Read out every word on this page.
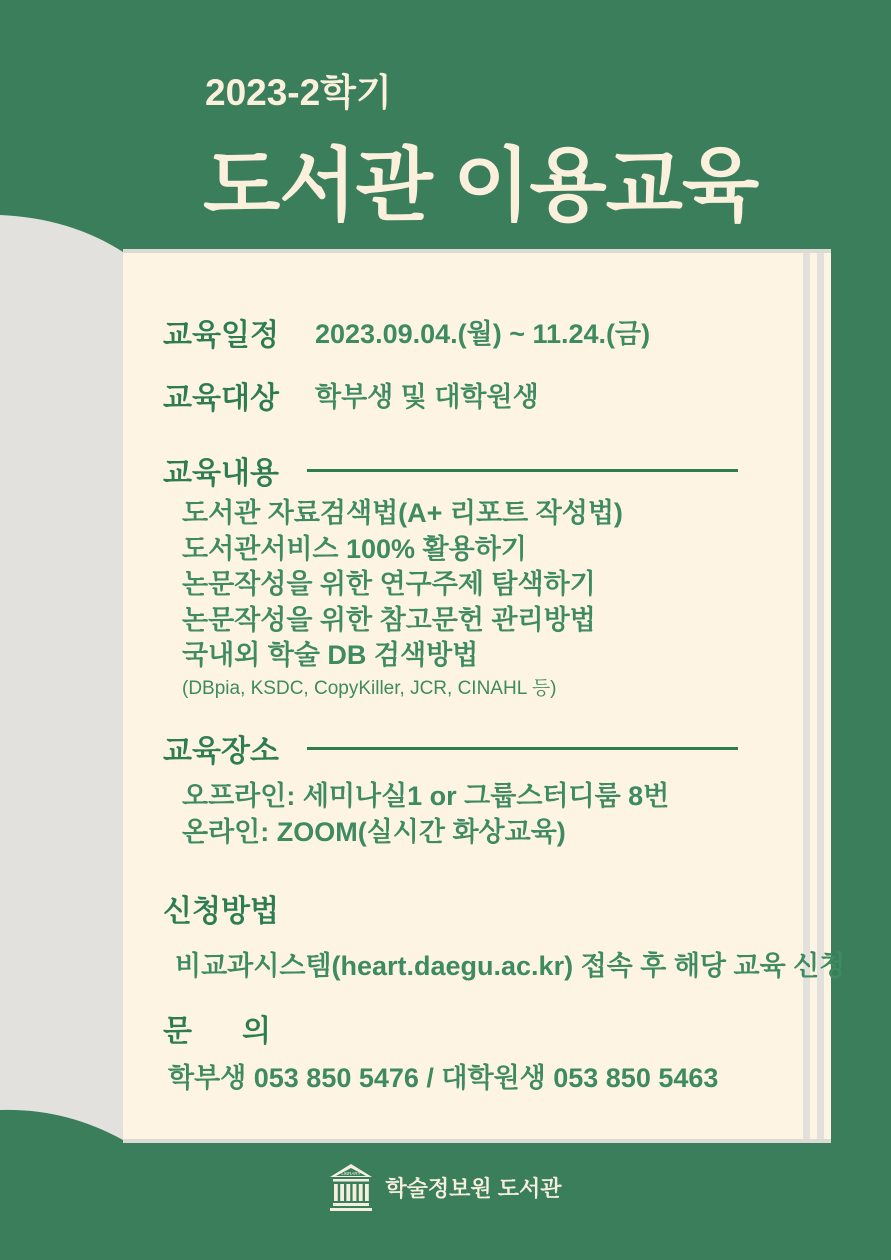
2023-2학기
도서관 이용교육
교육일정 2023.09.04.(월) ~ 11.24.(금)
교육대상 학부생 및 대학원생
교육내용
도서관 자료검색법(A+ 리포트 작성법)
도서관서비스 100% 활용하기
논문작성을 위한 연구주제 탐색하기
논문작성을 위한 참고문헌 관리방법
국내외 학술 DB 검색방법
(DBpia, KSDC, CopyKiller, JCR, CINAHL 등)
교육장소
오프라인: 세미나실1 or 그룹스터디룸 8번
온라인: ZOOM(실시간 화상교육)
신청방법
비교과시스템(heart.daegu.ac.kr) 접속 후 해당 교육 신청
문      의
학부생 053 850 5476 / 대학원생 053 850 5463
LIBRARY
학술정보원 도서관
